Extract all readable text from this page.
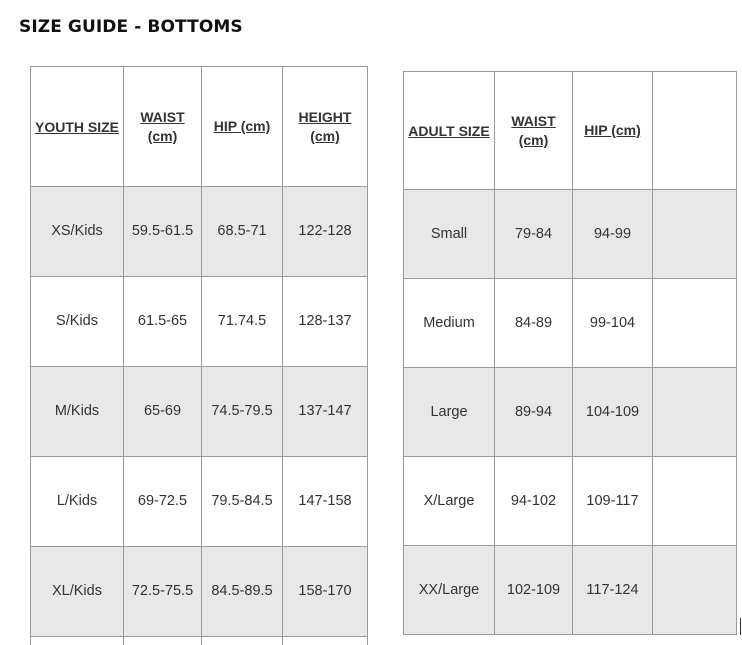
SIZE GUIDE - BOTTOMS
YOUTH SIZE	WAIST (cm)	HIP (cm)	HEIGHT (cm)
XS/Kids	59.5-61.5	68.5-71	122-128
S/Kids	61.5-65	71.74.5	128-137
M/Kids	65-69	74.5-79.5	137-147
L/Kids	69-72.5	79.5-84.5	147-158
XL/Kids	72.5-75.5	84.5-89.5	158-170

ADULT SIZE	WAIST (cm)	HIP (cm)	
Small	79-84	94-99	
Medium	84-89	99-104	
Large	89-94	104-109	
X/Large	94-102	109-117	
XX/Large	102-109	117-124	
